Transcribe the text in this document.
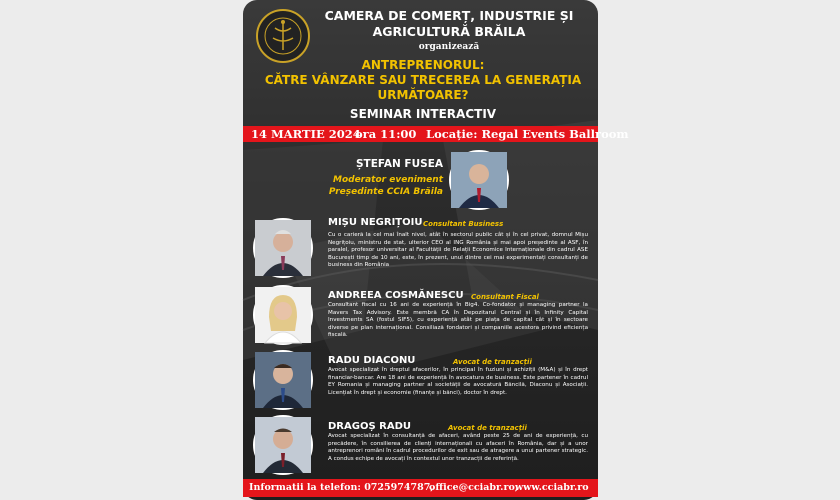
CAMERA DE COMERȚ, INDUSTRIE ȘI
AGRICULTURĂ BRĂILA
organizează
ANTREPRENORUL:
CĂTRE VÂNZARE SAU TRECEREA LA GENERAȚIA
URMĂTOARE?
SEMINAR INTERACTIV
14 MARTIE 2024
ora 11:00 Locație: Regal Events Ballroom
ȘTEFAN FUSEA
Moderator eveniment
Președinte CCIA Brăila
MIȘU NEGRIȚOIU Consultant Business
Cu o carieră la cel mai înalt nivel, atât în sectorul public cât și în cel privat, domnul Mișu Negrițoiu, ministru de stat, ulterior CEO al ING România și mai apoi președinte al ASF, în paralel, profesor universitar al Facultății de Relații Economice Internaționale din cadrul ASE București timp de 10 ani, este, în prezent, unul dintre cei mai experimentați consultanți de business din România
ANDREEA COSMĂNESCU Consultant Fiscal
Consultant fiscal cu 16 ani de experiență în Big4. Co-fondator și managing partner la Mavers Tax Advisory. Este membră CA în Depozitarul Central și în Infinity Capital Investments SA (fostul SIF5), cu experiență atât pe piața de capital cât și în sectoare diverse pe plan internațional. Consiliază fondatori și companiile acestora privind eficiența fiscală.
RADU DIACONU	Avocat de tranzacții
Avocat specializat în dreptul afacerilor, în principal în fuziuni și achiziții (M&A) și în drept financiar-bancar. Are 18 ani de experiență în avocatura de business. Este partener în cadrul EY Romania și managing partner al societății de avocatură Băncilă, Diaconu și Asociații. Licențiat în drept și economie (finanțe și bănci), doctor în drept.
DRAGOȘ RADU	Avocat de tranzacții
Avocat specializat în consultanță de afaceri, având peste 25 de ani de experiență, cu precădere, în consilierea de clienți internaționali cu afaceri în România, dar și a unor antreprenori români în cadrul procedurilor de exit sau de atragere a unui partener strategic. A condus echipe de avocați în contextul unor tranzacții de referință.
Informatii la telefon: 0725974787,
office@cciabr.ro,
www.cciabr.ro
